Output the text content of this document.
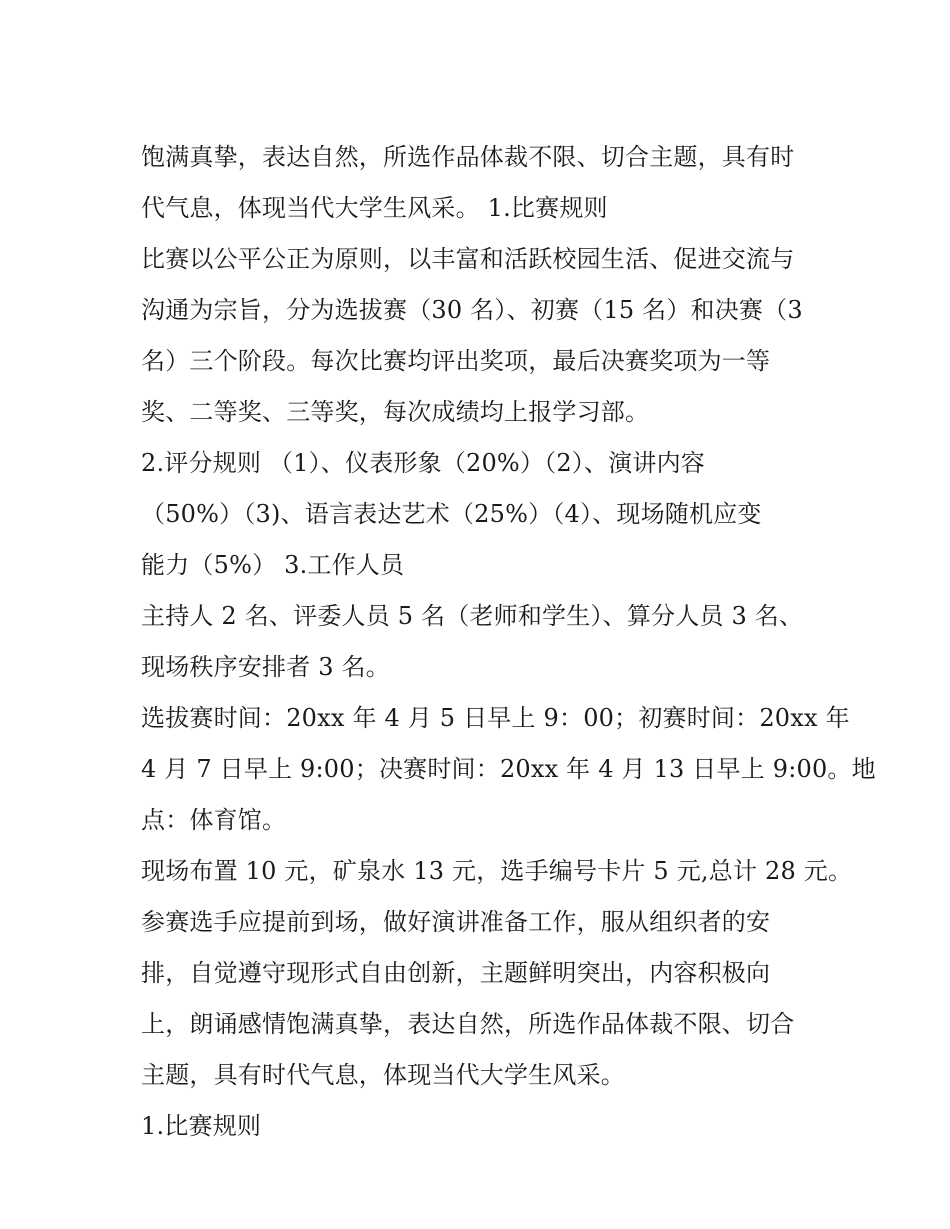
饱满真挚，表达自然，所选作品体裁不限、切合主题，具有时
代气息，体现当代大学生风采。 1.比赛规则
比赛以公平公正为原则，以丰富和活跃校园生活、促进交流与
沟通为宗旨，分为选拔赛（30 名）、初赛（15 名）和决赛（3
名）三个阶段。每次比赛均评出奖项，最后决赛奖项为一等
奖、二等奖、三等奖，每次成绩均上报学习部。
2.评分规则 （1）、仪表形象（20%）（2）、演讲内容
（50%）（3)、语言表达艺术（25%）（4）、现场随机应变
能力（5%） 3.工作人员
主持人 2 名、评委人员 5 名（老师和学生）、算分人员 3 名、
现场秩序安排者 3 名。
选拔赛时间：20xx 年 4 月 5 日早上 9：00；初赛时间：20xx 年
4 月 7 日早上 9:00；决赛时间：20xx 年 4 月 13 日早上 9:00。地
点：体育馆。
现场布置 10 元，矿泉水 13 元，选手编号卡片 5 元,总计 28 元。
参赛选手应提前到场，做好演讲准备工作，服从组织者的安
排，自觉遵守现形式自由创新，主题鲜明突出，内容积极向
上，朗诵感情饱满真挚，表达自然，所选作品体裁不限、切合
主题，具有时代气息，体现当代大学生风采。
1.比赛规则
